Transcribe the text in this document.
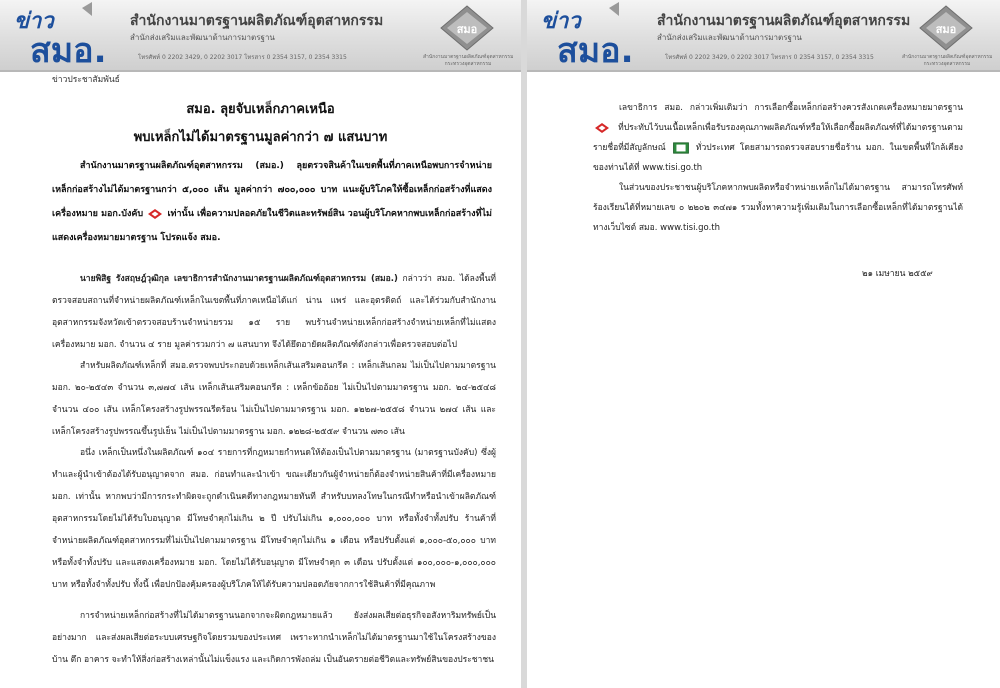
ข่าว
สมอ.
สำนักงานมาตรฐานผลิตภัณฑ์อุตสาหกรรม
สำนักส่งเสริมและพัฒนาด้านการมาตรฐาน
โทรศัพท์ 0 2202 3429, 0 2202 3017 โทรสาร 0 2354 3157, 0 2354 3315
สมอ
สำนักงานมาตรฐานผลิตภัณฑ์อุตสาหกรรม
กระทรวงอุตสาหกรรม
ข่าวประชาสัมพันธ์
สมอ. ลุยจับเหล็กภาคเหนือ
พบเหล็กไม่ได้มาตรฐานมูลค่ากว่า ๗ แสนบาท
สำนักงานมาตรฐานผลิตภัณฑ์อุตสาหกรรม (สมอ.) ลุยตรวจสินค้าในเขตพื้นที่ภาคเหนือพบการจำหน่ายเหล็กก่อสร้างไม่ได้มาตรฐานกว่า ๕,๐๐๐ เส้น มูลค่ากว่า ๗๐๐,๐๐๐ บาท แนะผู้บริโภคให้ซื้อเหล็กก่อสร้างที่แสดงเครื่องหมาย มอก.บังคับ	เท่านั้น เพื่อความปลอดภัยในชีวิตและทรัพย์สิน วอนผู้บริโภคหากพบเหล็กก่อสร้างที่ไม่แสดงเครื่องหมายมาตรฐาน โปรดแจ้ง สมอ.
นายพิสิฐ รังสฤษฎ์วุฒิกุล เลขาธิการสำนักงานมาตรฐานผลิตภัณฑ์อุตสาหกรรม (สมอ.) กล่าวว่า สมอ. ได้ลงพื้นที่ตรวจสอบสถานที่จำหน่ายผลิตภัณฑ์เหล็กในเขตพื้นที่ภาคเหนือได้แก่ น่าน แพร่ และอุตรดิตถ์ และได้ร่วมกับสำนักงานอุตสาหกรรมจังหวัดเข้าตรวจสอบร้านจำหน่ายรวม ๑๕ ราย พบร้านจำหน่ายเหล็กก่อสร้างจำหน่ายเหล็กที่ไม่แสดงเครื่องหมาย มอก. จำนวน ๔ ราย มูลค่ารวมกว่า ๗ แสนบาท จึงได้ยึดอายัดผลิตภัณฑ์ดังกล่าวเพื่อตรวจสอบต่อไป
สำหรับผลิตภัณฑ์เหล็กที่ สมอ.ตรวจพบประกอบด้วยเหล็กเส้นเสริมคอนกรีต : เหล็กเส้นกลม ไม่เป็นไปตามมาตรฐาน มอก. ๒๐-๒๕๔๓ จำนวน ๓,๗๗๔ เส้น เหล็กเส้นเสริมคอนกรีต : เหล็กข้ออ้อย ไม่เป็นไปตามมาตรฐาน มอก. ๒๔-๒๕๔๘ จำนวน ๔๐๐ เส้น เหล็กโครงสร้างรูปพรรณรีดร้อน ไม่เป็นไปตามมาตรฐาน มอก. ๑๒๒๗-๒๕๕๘ จำนวน ๒๗๔ เส้น และเหล็กโครงสร้างรูปพรรณขึ้นรูปเย็น ไม่เป็นไปตามมาตรฐาน มอก. ๑๒๒๘-๒๕๕๙ จำนวน ๗๓๐ เส้น
อนึ่ง เหล็กเป็นหนึ่งในผลิตภัณฑ์ ๑๐๔ รายการที่กฎหมายกำหนดให้ต้องเป็นไปตามมาตรฐาน (มาตรฐานบังคับ) ซึ่งผู้ทำและผู้นำเข้าต้องได้รับอนุญาตจาก สมอ. ก่อนทำและนำเข้า ขณะเดียวกันผู้จำหน่ายก็ต้องจำหน่ายสินค้าที่มีเครื่องหมาย มอก. เท่านั้น หากพบว่ามีการกระทำผิดจะถูกดำเนินคดีทางกฎหมายทันที สำหรับบทลงโทษในกรณีทำหรือนำเข้าผลิตภัณฑ์อุตสาหกรรมโดยไม่ได้รับใบอนุญาต มีโทษจำคุกไม่เกิน ๒ ปี ปรับไม่เกิน ๑,๐๐๐,๐๐๐ บาท หรือทั้งจำทั้งปรับ ร้านค้าที่จำหน่ายผลิตภัณฑ์อุตสาหกรรมที่ไม่เป็นไปตามมาตรฐาน มีโทษจำคุกไม่เกิน ๑ เดือน หรือปรับตั้งแต่ ๑,๐๐๐-๕๐,๐๐๐ บาท หรือทั้งจำทั้งปรับ และแสดงเครื่องหมาย มอก. โดยไม่ได้รับอนุญาต มีโทษจำคุก ๓ เดือน ปรับตั้งแต่ ๑๐๐,๐๐๐-๑,๐๐๐,๐๐๐ บาท หรือทั้งจำทั้งปรับ ทั้งนี้ เพื่อปกป้องคุ้มครองผู้บริโภคให้ได้รับความปลอดภัยจากการใช้สินค้าที่มีคุณภาพ
การจำหน่ายเหล็กก่อสร้างที่ไม่ได้มาตรฐานนอกจากจะผิดกฎหมายแล้ว ยังส่งผลเสียต่อธุรกิจอสังหาริมทรัพย์เป็นอย่างมาก และส่งผลเสียต่อระบบเศรษฐกิจโดยรวมของประเทศ เพราะหากนำเหล็กไม่ได้มาตรฐานมาใช้ในโครงสร้างของบ้าน ตึก อาคาร จะทำให้สิ่งก่อสร้างเหล่านั้นไม่แข็งแรง และเกิดการพังถล่ม เป็นอันตรายต่อชีวิตและทรัพย์สินของประชาชน
ข่าว
สมอ.
สำนักงานมาตรฐานผลิตภัณฑ์อุตสาหกรรม
สำนักส่งเสริมและพัฒนาด้านการมาตรฐาน
โทรศัพท์ 0 2202 3429, 0 2202 3017 โทรสาร 0 2354 3157, 0 2354 3315
สมอ
สำนักงานมาตรฐานผลิตภัณฑ์อุตสาหกรรม
กระทรวงอุตสาหกรรม
เลขาธิการ สมอ. กล่าวเพิ่มเติมว่า การเลือกซื้อเหล็กก่อสร้างควรสังเกตเครื่องหมายมาตรฐาน  ที่ประทับไว้บนเนื้อเหล็กเพื่อรับรองคุณภาพผลิตภัณฑ์หรือให้เลือกซื้อผลิตภัณฑ์ที่ได้มาตรฐานตามรายชื่อที่มีสัญลักษณ์	ทั่วประเทศ โดยสามารถตรวจสอบรายชื่อร้าน มอก. ในเขตพื้นที่ใกล้เคียงของท่านได้ที่ www.tisi.go.th
ในส่วนของประชาชนผู้บริโภคหากพบผลิตหรือจำหน่ายเหล็กไม่ได้มาตรฐาน สามารถโทรศัพท์ร้องเรียนได้ที่หมายเลข ๐ ๒๒๐๒ ๓๔๗๑ รวมทั้งหาความรู้เพิ่มเติมในการเลือกซื้อเหล็กที่ได้มาตรฐานได้ทางเว็บไซต์ สมอ. www.tisi.go.th
๒๑ เมษายน ๒๕๕๙
